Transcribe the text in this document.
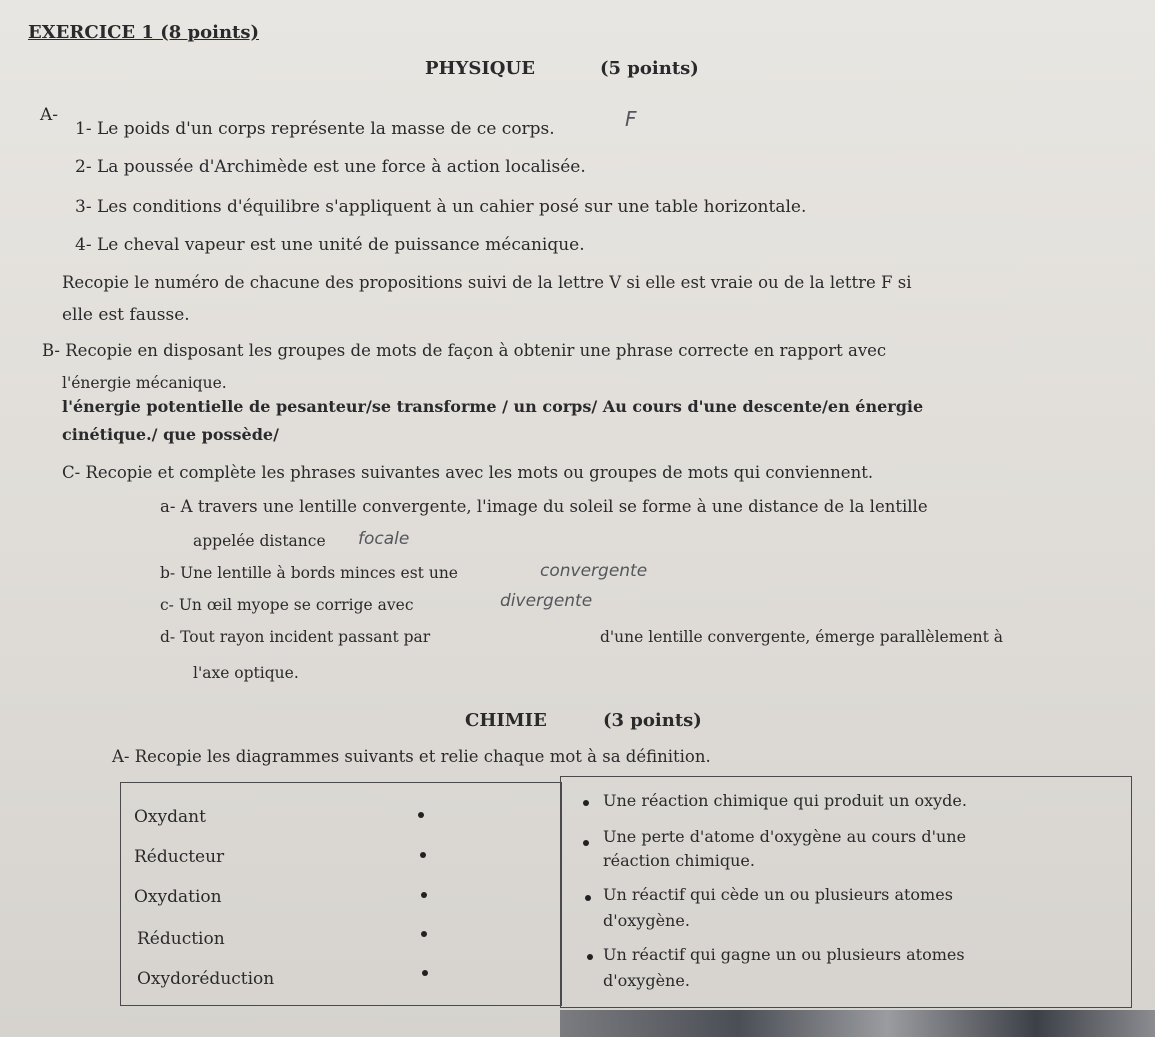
EXERCICE 1 (8 points)
PHYSIQUE	(5 points)
A-
1- Le poids d'un corps représente la masse de ce corps.	F
2- La poussée d'Archimède est une force à action localisée.
3- Les conditions d'équilibre s'appliquent à un cahier posé sur une table horizontale.
4- Le cheval vapeur est une unité de puissance mécanique.
Recopie le numéro de chacune des propositions suivi de la lettre V si elle est vraie ou de la lettre F si
elle est fausse.
B- Recopie en disposant les groupes de mots de façon à obtenir une phrase correcte en rapport avec
l'énergie mécanique.
l'énergie potentielle de pesanteur/se transforme / un corps/ Au cours d'une descente/en énergie
cinétique./ que possède/
C- Recopie et complète les phrases suivantes avec les mots ou groupes de mots qui conviennent.
a- A travers une lentille convergente, l'image du soleil se forme à une distance de la lentille
appelée distance focale
b- Une lentille à bords minces est une	convergente
c- Un œil myope se corrige avec	divergente
d- Tout rayon incident passant par	d'une lentille convergente, émerge parallèlement à
l'axe optique.
CHIMIE	(3 points)
A- Recopie les diagrammes suivants et relie chaque mot à sa définition.
Oxydant
Réducteur
Oxydation
Réduction
Oxydoréduction
Une réaction chimique qui produit un oxyde.
Une perte d'atome d'oxygène au cours d'une
réaction chimique.
Un réactif qui cède un ou plusieurs atomes
d'oxygène.
Un réactif qui gagne un ou plusieurs atomes
d'oxygène.
